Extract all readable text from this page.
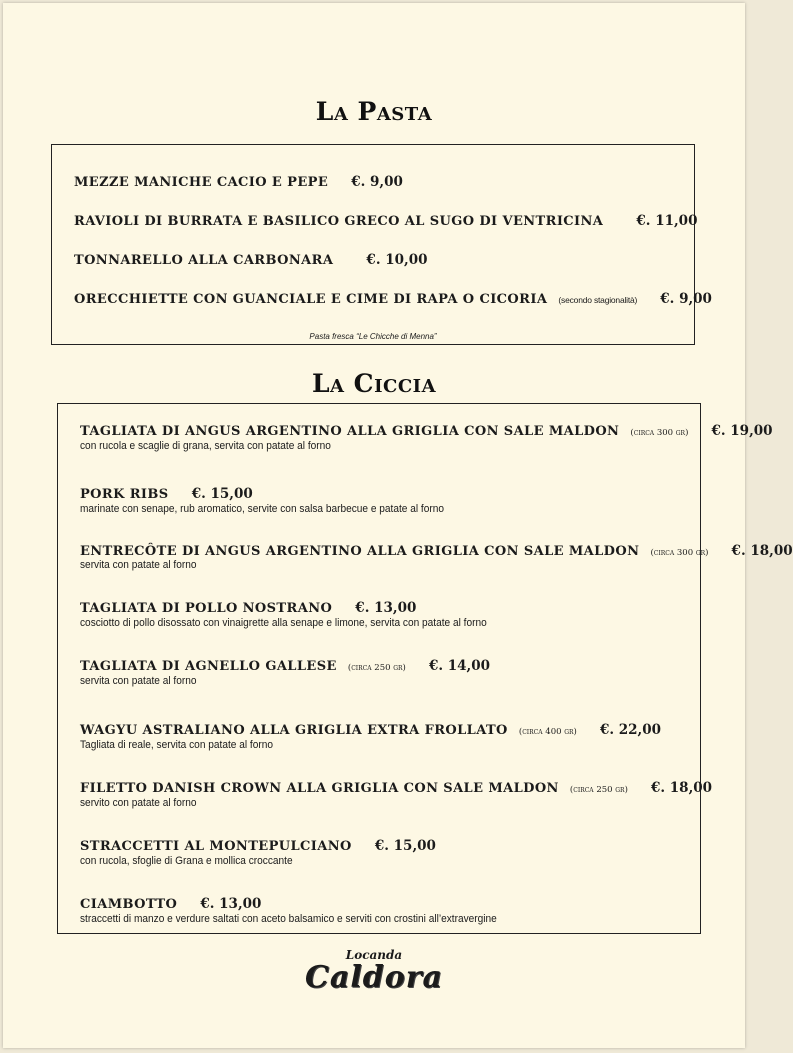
La Pasta
MEZZE MANICHE CACIO E PEPE €. 9,00
RAVIOLI DI BURRATA E BASILICO GRECO AL SUGO DI VENTRICINA €. 11,00
TONNARELLO ALLA CARBONARA €. 10,00
ORECCHIETTE CON GUANCIALE E CIME DI RAPA O CICORIA (secondo stagionalità) €. 9,00
Pasta fresca “Le Chicche di Menna”
La Ciccia
TAGLIATA DI ANGUS ARGENTINO ALLA GRIGLIA CON SALE MALDON (circa 300 gr) €. 19,00
con rucola e scaglie di grana, servita con patate al forno
PORK RIBS €. 15,00
marinate con senape, rub aromatico, servite con salsa barbecue e patate al forno
ENTRECÔTE DI ANGUS ARGENTINO ALLA GRIGLIA CON SALE MALDON (circa 300 gr) €. 18,00
servita con patate al forno
TAGLIATA DI POLLO NOSTRANO €. 13,00
cosciotto di pollo disossato con vinaigrette alla senape e limone, servita con patate al forno
TAGLIATA DI AGNELLO GALLESE (circa 250 gr) €. 14,00
servita con patate al forno
WAGYU ASTRALIANO ALLA GRIGLIA EXTRA FROLLATO (circa 400 gr) €. 22,00
Tagliata di reale, servita con patate al forno
FILETTO DANISH CROWN ALLA GRIGLIA CON SALE MALDON (circa 250 gr) €. 18,00
servito con patate al forno
STRACCETTI AL MONTEPULCIANO €. 15,00
con rucola, sfoglie di Grana e mollica croccante
CIAMBOTTO €. 13,00
straccetti di manzo e verdure saltati con aceto balsamico e serviti con crostini all’extravergine
Locanda
Caldora
